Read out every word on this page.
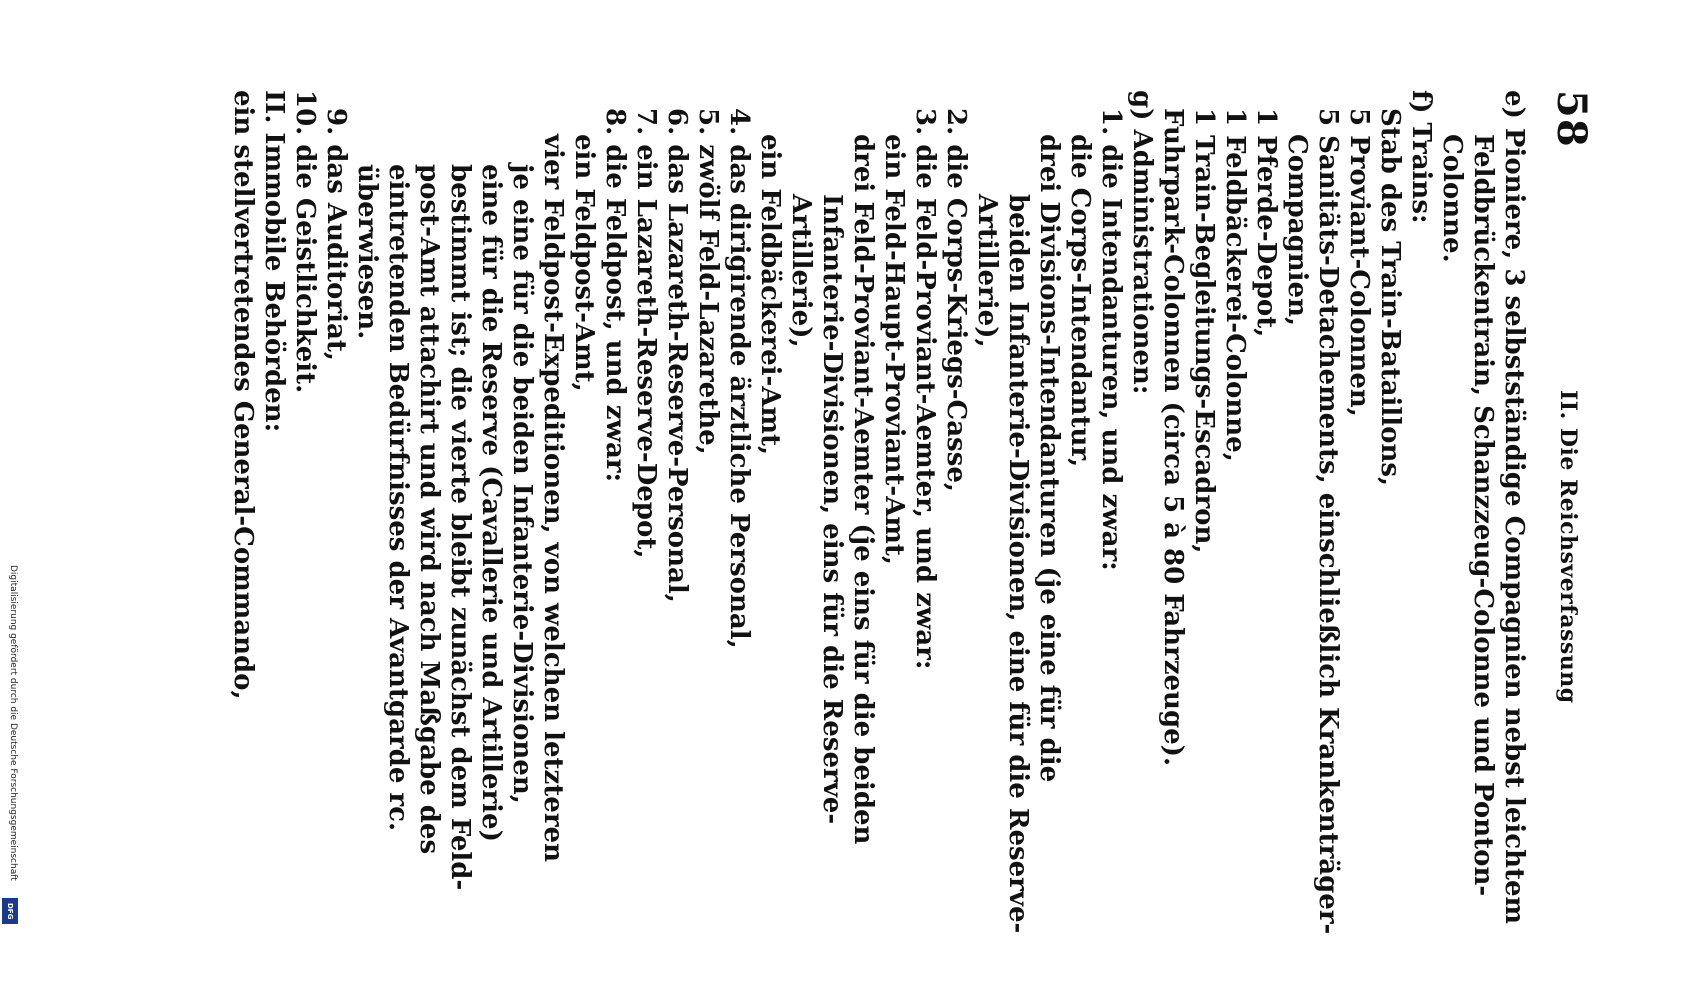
58
II. Die Reichsverfassung
e) Pioniere, 3 selbstständige Compagnien nebst leichtem
Feldbrückentrain, Schanzzeug-Colonne und Ponton-
Colonne.
f) Trains:
Stab des Train-Bataillons,
5 Proviant-Colonnen,
5 Sanitäts-Detachements, einschließlich Krankenträger-
Compagnien,
1 Pferde-Depot,
1 Feldbäckerei-Colonne,
1 Train-Begleitungs-Escadron,
Fuhrpark-Colonnen (circa 5 à 80 Fahrzeuge).
g) Administrationen:
1. die Intendanturen, und zwar:
die Corps-Intendantur,
drei Divisions-Intendanturen (je eine für die
beiden Infanterie-Divisionen, eine für die Reserve-
Artillerie),
2. die Corps-Kriegs-Casse,
3. die Feld-Proviant-Aemter, und zwar:
ein Feld-Haupt-Proviant-Amt,
drei Feld-Proviant-Aemter (je eins für die beiden
Infanterie-Divisionen, eins für die Reserve-
Artillerie),
ein Feldbäckerei-Amt,
4. das dirigirende ärztliche Personal,
5. zwölf Feld-Lazarethe,
6. das Lazareth-Reserve-Personal,
7. ein Lazareth-Reserve-Depot,
8. die Feldpost, und zwar:
ein Feldpost-Amt,
vier Feldpost-Expeditionen, von welchen letzteren
je eine für die beiden Infanterie-Divisionen,
eine für die Reserve (Cavallerie und Artillerie)
bestimmt ist; die vierte bleibt zunächst dem Feld-
post-Amt attachirt und wird nach Maßgabe des
eintretenden Bedürfnisses der Avantgarde rc.
überwiesen.
9. das Auditoriat,
10. die Geistlichkeit.
II. Immobile Behörden:
ein stellvertretendes General-Commando,
Digitalisierung gefördert durch die Deutsche Forschungsgemeinschaft
DFG
